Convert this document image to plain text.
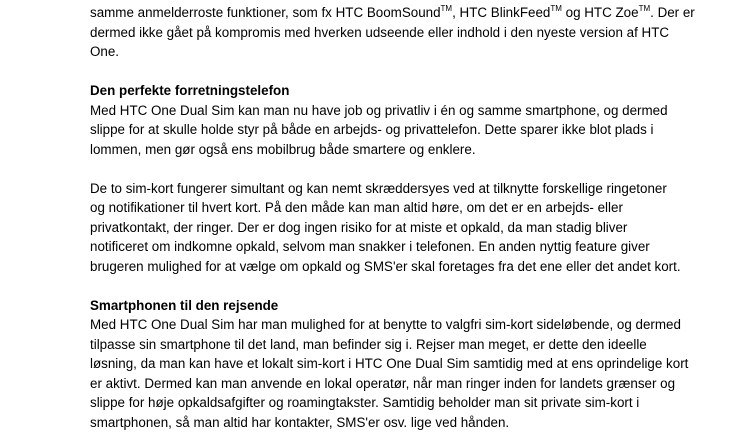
samme anmelderroste funktioner, som fx HTC BoomSound™, HTC BlinkFeed™ og HTC Zoe™. Der er
dermed ikke gået på kompromis med hverken udseende eller indhold i den nyeste version af HTC
One.
Den perfekte forretningstelefon
Med HTC One Dual Sim kan man nu have job og privatliv i én og samme smartphone, og dermed
slippe for at skulle holde styr på både en arbejds- og privattelefon. Dette sparer ikke blot plads i
lommen, men gør også ens mobilbrug både smartere og enklere.
De to sim-kort fungerer simultant og kan nemt skræddersyes ved at tilknytte forskellige ringetoner
og notifikationer til hvert kort. På den måde kan man altid høre, om det er en arbejds- eller
privatkontakt, der ringer. Der er dog ingen risiko for at miste et opkald, da man stadig bliver
notificeret om indkomne opkald, selvom man snakker i telefonen. En anden nyttig feature giver
brugeren mulighed for at vælge om opkald og SMS'er skal foretages fra det ene eller det andet kort.
Smartphonen til den rejsende
Med HTC One Dual Sim har man mulighed for at benytte to valgfri sim-kort sideløbende, og dermed
tilpasse sin smartphone til det land, man befinder sig i. Rejser man meget, er dette den ideelle
løsning, da man kan have et lokalt sim-kort i HTC One Dual Sim samtidig med at ens oprindelige kort
er aktivt. Dermed kan man anvende en lokal operatør, når man ringer inden for landets grænser og
slippe for høje opkaldsafgifter og roamingtakster. Samtidig beholder man sit private sim-kort i
smartphonen, så man altid har kontakter, SMS'er osv. lige ved hånden.
